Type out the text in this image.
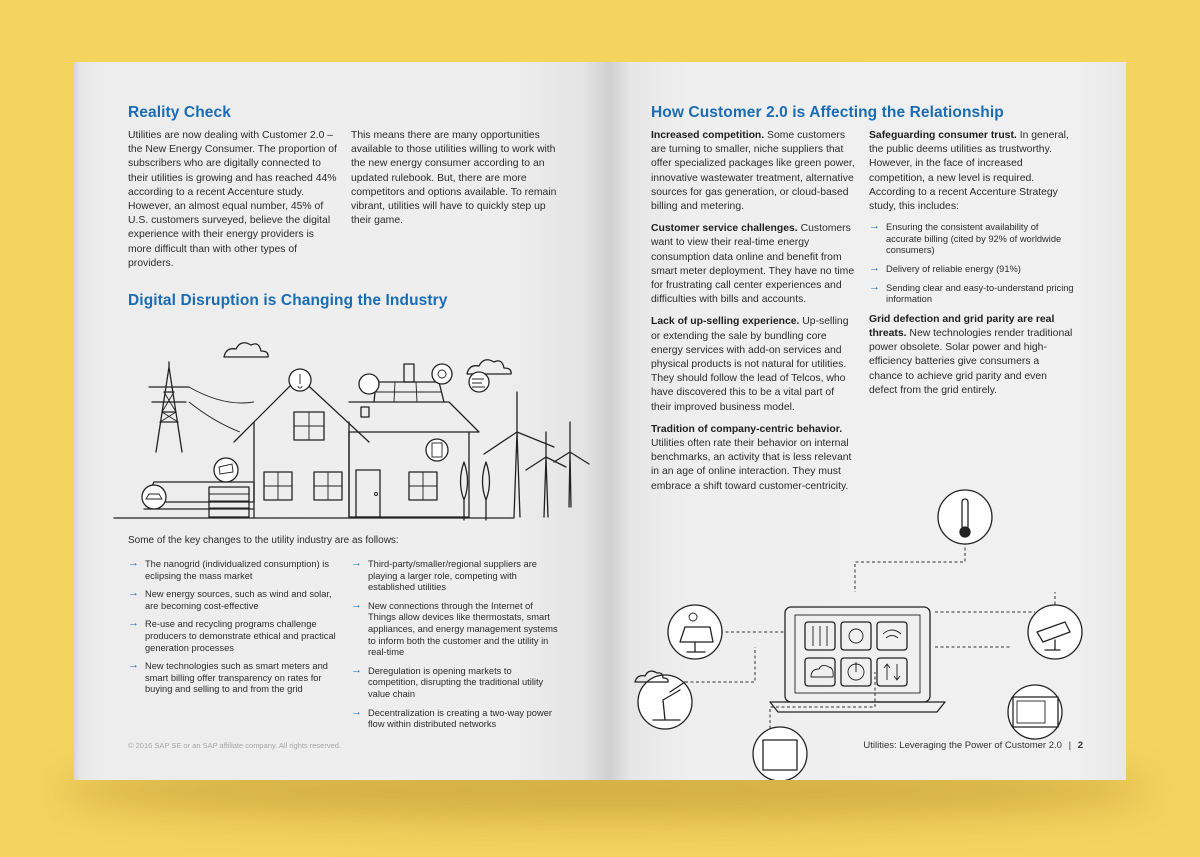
Reality Check
Utilities are now dealing with Customer 2.0 – the New Energy Consumer. The proportion of subscribers who are digitally connected to their utilities is growing and has reached 44% according to a recent Accenture study. However, an almost equal number, 45% of U.S. customers surveyed, believe the digital experience with their energy providers is more difficult than with other types of providers.
This means there are many opportunities available to those utilities willing to work with the new energy consumer according to an updated rulebook. But, there are more competitors and options available. To remain vibrant, utilities will have to quickly step up their game.
Digital Disruption is Changing the Industry
Some of the key changes to the utility industry are as follows:
→ The nanogrid (individualized consumption) is eclipsing the mass market
→ New energy sources, such as wind and solar, are becoming cost-effective
→ Re-use and recycling programs challenge producers to demonstrate ethical and practical generation processes
→ New technologies such as smart meters and smart billing offer transparency on rates for buying and selling to and from the grid
→ Third-party/smaller/regional suppliers are playing a larger role, competing with established utilities
→ New connections through the Internet of Things allow devices like thermostats, smart appliances, and energy management systems to inform both the customer and the utility in real-time
→ Deregulation is opening markets to competition, disrupting the traditional utility value chain
→ Decentralization is creating a two-way power flow within distributed networks
© 2016 SAP SE or an SAP affiliate company. All rights reserved.
How Customer 2.0 is Affecting the Relationship
Increased competition. Some customers are turning to smaller, niche suppliers that offer specialized packages like green power, innovative wastewater treatment, alternative sources for gas generation, or cloud-based billing and metering.
Customer service challenges. Customers want to view their real-time energy consumption data online and benefit from smart meter deployment. They have no time for frustrating call center experiences and difficulties with bills and accounts.
Lack of up-selling experience. Up-selling or extending the sale by bundling core energy services with add-on services and physical products is not natural for utilities. They should follow the lead of Telcos, who have discovered this to be a vital part of their improved business model.
Tradition of company-centric behavior. Utilities often rate their behavior on internal benchmarks, an activity that is less relevant in an age of online interaction. They must embrace a shift toward customer-centricity.
Safeguarding consumer trust. In general, the public deems utilities as trustworthy. However, in the face of increased competition, a new level is required. According to a recent Accenture Strategy study, this includes:
→ Ensuring the consistent availability of accurate billing (cited by 92% of worldwide consumers)
→ Delivery of reliable energy (91%)
→ Sending clear and easy-to-understand pricing information
Grid defection and grid parity are real threats. New technologies render traditional power obsolete. Solar power and high-efficiency batteries give consumers a chance to achieve grid parity and even defect from the grid entirely.
Utilities: Leveraging the Power of Customer 2.0 | 2
